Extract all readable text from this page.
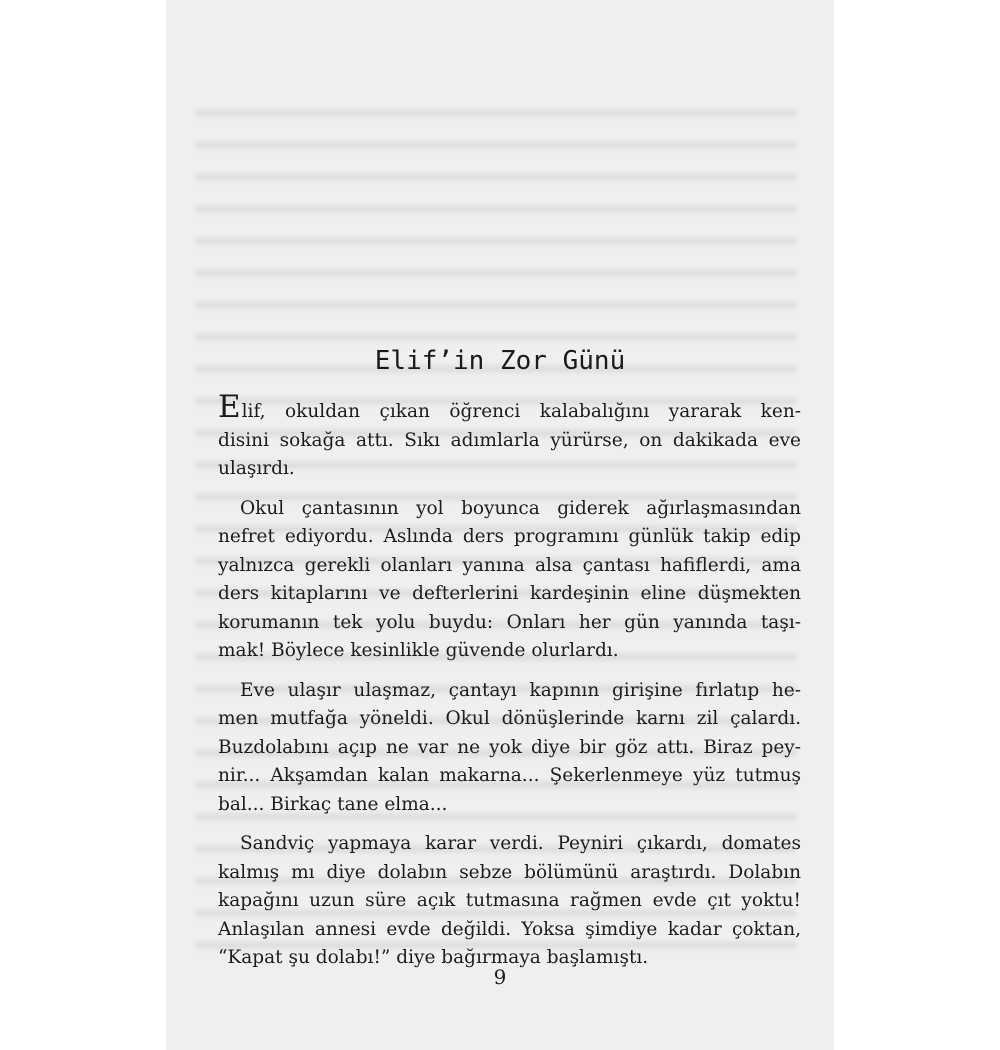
Elif’in Zor Günü
Elif, okuldan çıkan öğrenci kalabalığını yararak ken-
disini sokağa attı. Sıkı adımlarla yürürse, on dakikada eve
ulaşırdı.
Okul çantasının yol boyunca giderek ağırlaşmasından
nefret ediyordu. Aslında ders programını günlük takip edip
yalnızca gerekli olanları yanına alsa çantası hafiflerdi, ama
ders kitaplarını ve defterlerini kardeşinin eline düşmekten
korumanın tek yolu buydu: Onları her gün yanında taşı-
mak! Böylece kesinlikle güvende olurlardı.
Eve ulaşır ulaşmaz, çantayı kapının girişine fırlatıp he-
men mutfağa yöneldi. Okul dönüşlerinde karnı zil çalardı.
Buzdolabını açıp ne var ne yok diye bir göz attı. Biraz pey-
nir... Akşamdan kalan makarna... Şekerlenmeye yüz tutmuş
bal... Birkaç tane elma...
Sandviç yapmaya karar verdi. Peyniri çıkardı, domates
kalmış mı diye dolabın sebze bölümünü araştırdı. Dolabın
kapağını uzun süre açık tutmasına rağmen evde çıt yoktu!
Anlaşılan annesi evde değildi. Yoksa şimdiye kadar çoktan,
“Kapat şu dolabı!” diye bağırmaya başlamıştı.
9
